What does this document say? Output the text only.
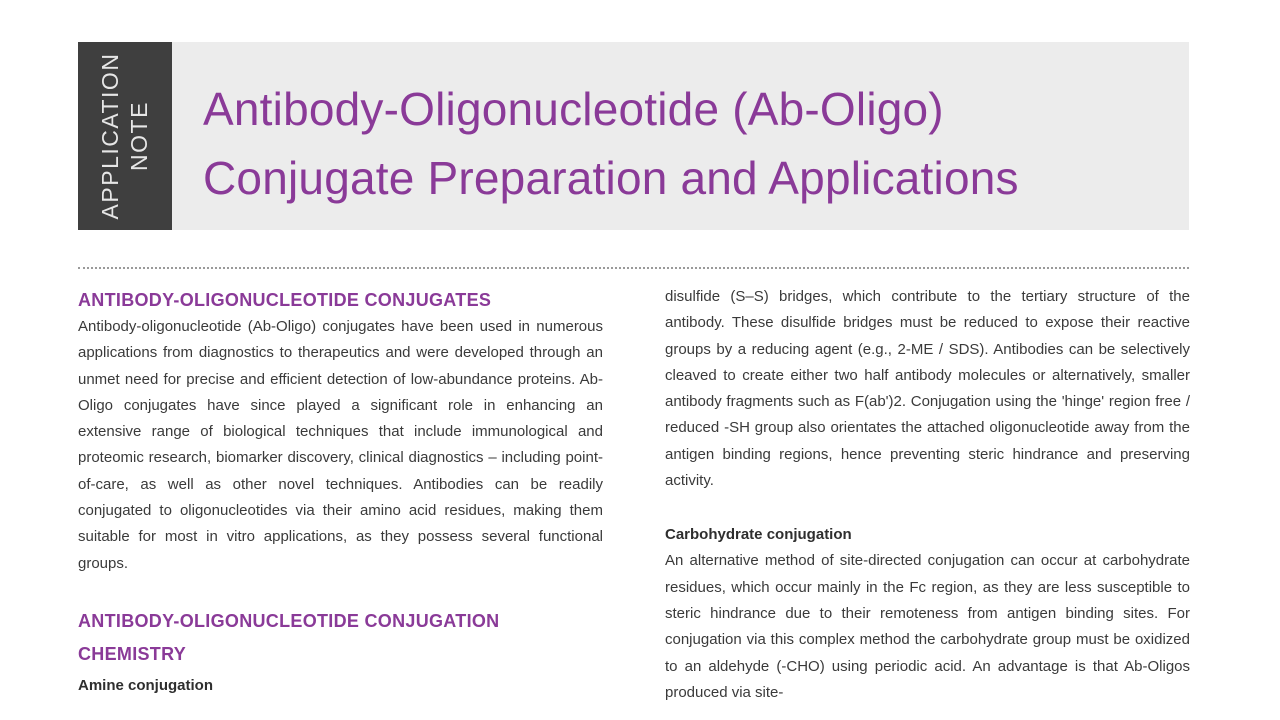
APPLICATION NOTE Antibody-Oligonucleotide (Ab-Oligo)
Conjugate Preparation and Applications
ANTIBODY-OLIGONUCLEOTIDE CONJUGATES

Antibody-oligonucleotide (Ab-Oligo) conjugates have been used in numerous applications from diagnostics to therapeutics and were developed through an unmet need for precise and efficient detection of low-abundance proteins. Ab-Oligo conjugates have since played a significant role in enhancing an extensive range of biological techniques that include immunological and proteomic research, biomarker discovery, clinical diagnostics – including point-of-care, as well as other novel techniques. Antibodies can be readily conjugated to oligonucleotides via their amino acid residues, making them suitable for most in vitro applications, as they possess several functional groups.

ANTIBODY-OLIGONUCLEOTIDE CONJUGATION CHEMISTRY
Amine conjugation

disulfide (S–S) bridges, which contribute to the tertiary structure of the antibody. These disulfide bridges must be reduced to expose their reactive groups by a reducing agent (e.g., 2-ME / SDS). Antibodies can be selectively cleaved to create either two half antibody molecules or alternatively, smaller antibody fragments such as F(ab')2. Conjugation using the 'hinge' region free / reduced -SH group also orientates the attached oligonucleotide away from the antigen binding regions, hence preventing steric hindrance and preserving activity.

Carbohydrate conjugation

An alternative method of site-directed conjugation can occur at carbohydrate residues, which occur mainly in the Fc region, as they are less susceptible to steric hindrance due to their remoteness from antigen binding sites. For conjugation via this complex method the carbohydrate group must be oxidized to an aldehyde (-CHO) using periodic acid. An advantage is that Ab-Oligos produced via site-
